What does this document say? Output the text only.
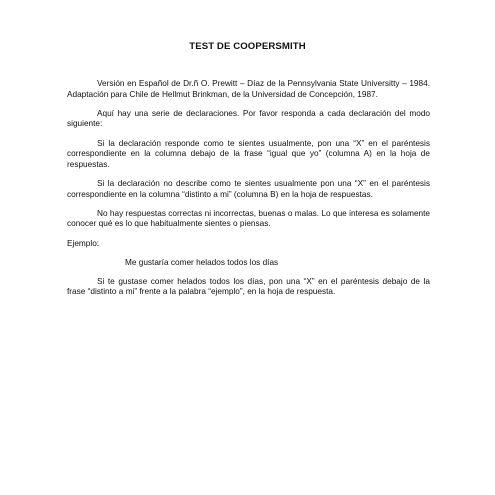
TEST DE COOPERSMITH

Versión en Español de Dr.ñ O. Prewitt – Díaz de la Pennsylvania State Universitty – 1984. Adaptación para Chile de Hellmut Brinkman, de la Universidad de Concepción, 1987.

Aquí hay una serie de declaraciones. Por favor responda a cada declaración del modo siguiente:

Si la declaración responde como te sientes usualmente, pon una “X” en el paréntesis correspondiente en la columna debajo de la frase “igual que yo” (columna A) en la hoja de respuestas.

Si la declaración no describe como te sientes usualmente pon una “X” en el paréntesis correspondiente en la columna “distinto a mi” (columna B) en la hoja de respuestas.

No hay respuestas correctas ni incorrectas, buenas o malas. Lo que interesa es solamente conocer qué es lo que habitualmente sientes o piensas.

Ejemplo:

Me gustaría comer helados todos los días

Si te gustase comer helados todos los días, pon una “X” en el paréntesis debajo de la frase “distinto a mi” frente a la palabra “ejemplo”, en la hoja de respuesta.
